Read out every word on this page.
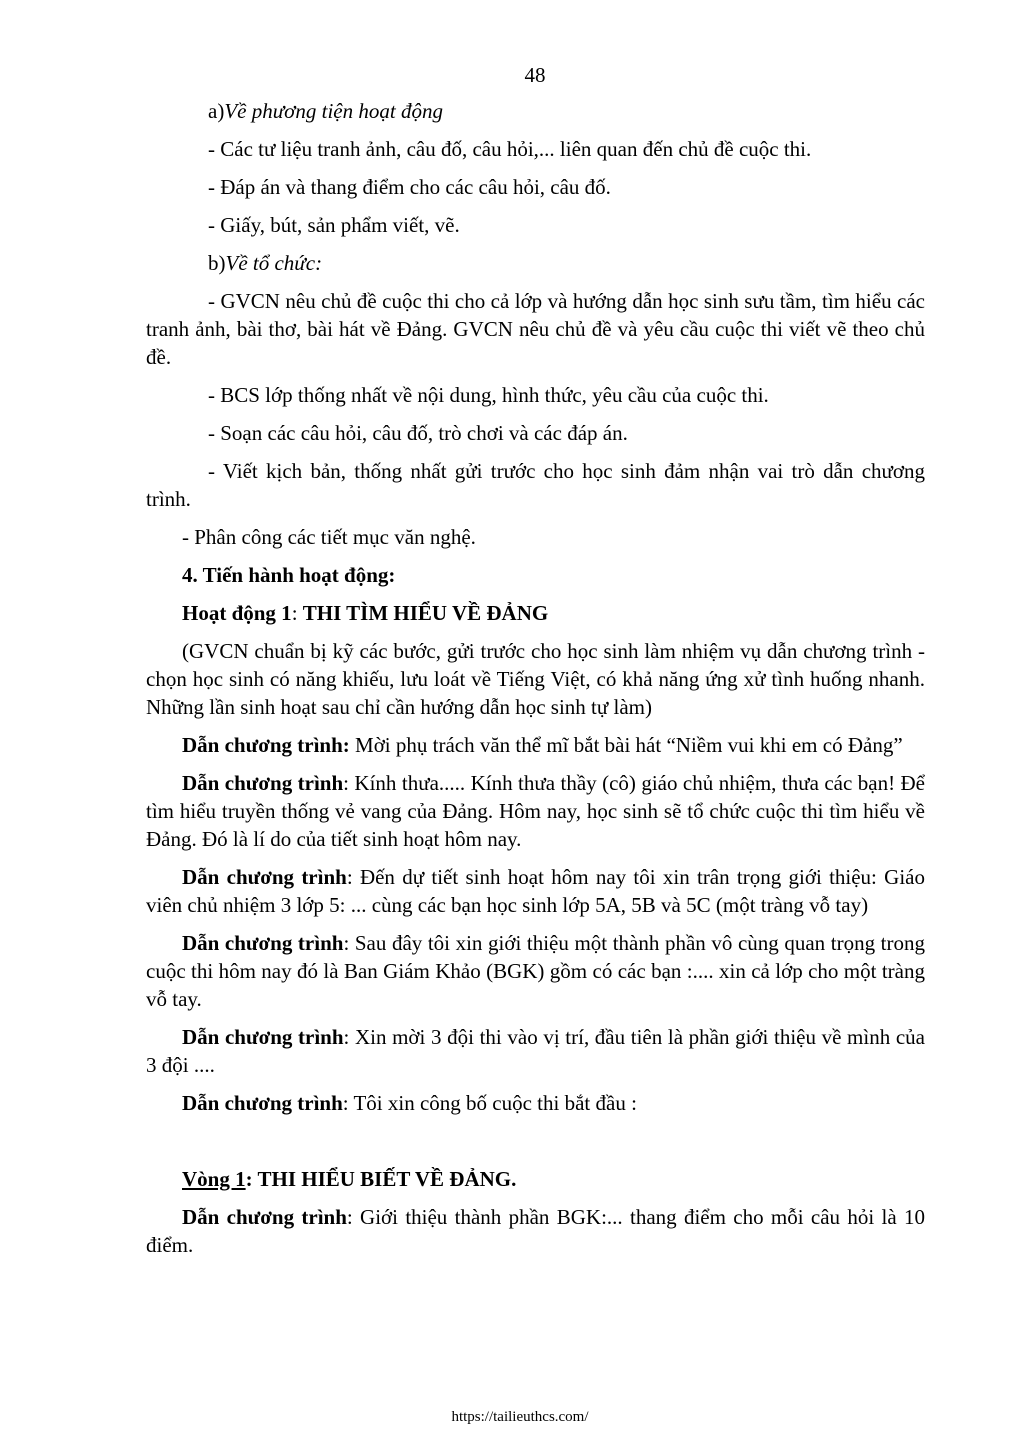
48

a)Về phương tiện hoạt động

- Các tư liệu tranh ảnh, câu đố, câu hỏi,... liên quan đến chủ đề cuộc thi.

- Đáp án và thang điểm cho các câu hỏi, câu đố.

- Giấy, bút, sản phẩm viết, vẽ.

b)Về tổ chức:

- GVCN nêu chủ đề cuộc thi cho cả lớp và hướng dẫn học sinh sưu tầm, tìm hiểu các tranh ảnh, bài thơ, bài hát về Đảng. GVCN nêu chủ đề và yêu cầu cuộc thi viết vẽ theo chủ đề.

- BCS lớp thống nhất về nội dung, hình thức, yêu cầu của cuộc thi.

- Soạn các câu hỏi, câu đố, trò chơi và các đáp án.

- Viết kịch bản, thống nhất gửi trước cho học sinh đảm nhận vai trò dẫn chương trình.

- Phân công các tiết mục văn nghệ.

4. Tiến hành hoạt động:

Hoạt động 1: THI TÌM HIỂU VỀ ĐẢNG

(GVCN chuẩn bị kỹ các bước, gửi trước cho học sinh làm nhiệm vụ dẫn chương trình - chọn học sinh có năng khiếu, lưu loát về Tiếng Việt, có khả năng ứng xử tình huống nhanh. Những lần sinh hoạt sau chỉ cần hướng dẫn học sinh tự làm)

Dẫn chương trình: Mời phụ trách văn thể mĩ bắt bài hát “Niềm vui khi em có Đảng”

Dẫn chương trình: Kính thưa..... Kính thưa thầy (cô) giáo chủ nhiệm, thưa các bạn! Để tìm hiểu truyền thống vẻ vang của Đảng. Hôm nay, học sinh sẽ tổ chức cuộc thi tìm hiểu về Đảng. Đó là lí do của tiết sinh hoạt hôm nay.

Dẫn chương trình: Đến dự tiết sinh hoạt hôm nay tôi xin trân trọng giới thiệu: Giáo viên chủ nhiệm 3 lớp 5: ... cùng các bạn học sinh lớp 5A, 5B và 5C (một tràng vỗ tay)

Dẫn chương trình: Sau đây tôi xin giới thiệu một thành phần vô cùng quan trọng trong cuộc thi hôm nay đó là Ban Giám Khảo (BGK) gồm có các bạn :.... xin cả lớp cho một tràng vỗ tay.

Dẫn chương trình: Xin mời 3 đội thi vào vị trí, đầu tiên là phần giới thiệu về mình của 3 đội ....

Dẫn chương trình: Tôi xin công bố cuộc thi bắt đầu :

Vòng 1: THI HIỂU BIẾT VỀ ĐẢNG.

Dẫn chương trình: Giới thiệu thành phần BGK:... thang điểm cho mỗi câu hỏi là 10 điểm.

https://tailieuthcs.com/
